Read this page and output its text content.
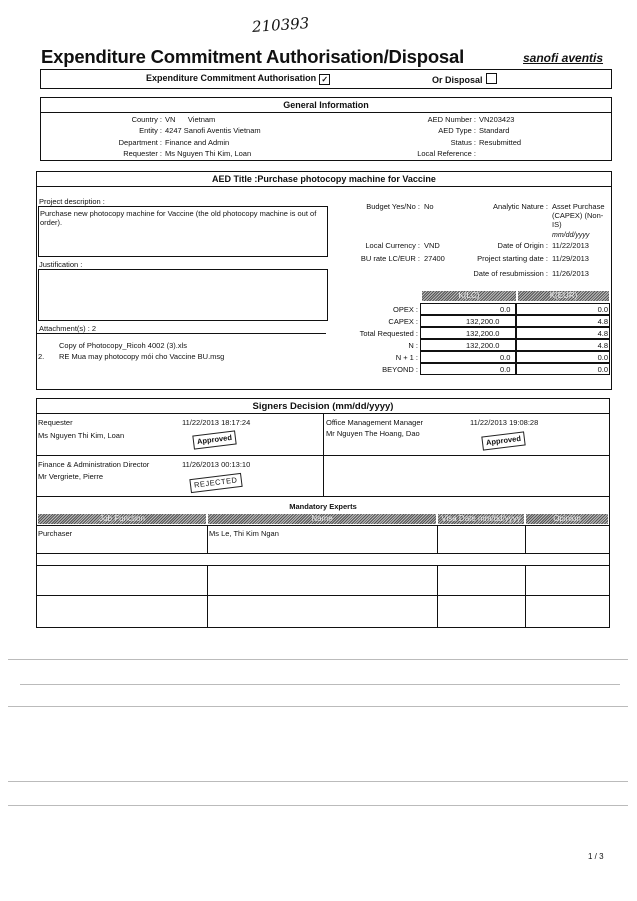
210393
Expenditure Commitment Authorisation/Disposal	sanofi aventis
Expenditure Commitment Authorisation ✓	Or Disposal
General Information
Country : VN      Vietnam
Entity : 4247 Sanofi Aventis Vietnam
Department : Finance and Admin
Requester : Ms Nguyen Thi Kim, Loan
AED Number : VN203423
AED Type : Standard
Status : Resubmitted
Local Reference :
AED Title :Purchase photocopy machine for Vaccine
Project description :
Purchase new photocopy machine for Vaccine (the old photocopy machine is out of order).
Justification :
Attachment(s) : 2
Copy of Photocopy_Ricoh 4002 (3).xls
2. RE Mua may photocopy mói cho Vaccine BU.msg
Budget Yes/No : No
Local Currency : VND
BU rate LC/EUR : 27400
Analytic Nature : Asset Purchase (CAPEX) (Non-IS)
mm/dd/yyyy
Date of Origin : 11/22/2013
Project starting date : 11/29/2013
Date of resubmission : 11/26/2013
K(LC)	K(EUR)
OPEX :	0.0	0.0
CAPEX :	132,200.0	4.8
Total Requested :	132,200.0	4.8
N :	132,200.0	4.8
N + 1 :	0.0	0.0
BEYOND :	0.0	0.0
Signers Decision (mm/dd/yyyy)
Requester
Ms Nguyen Thi Kim, Loan
11/22/2013 18:17:24
Approved
Office Management Manager
Mr Nguyen The Hoang, Dao
11/22/2013 19:08:28
Approved
Finance & Administration Director
Mr Vergriete, Pierre
11/26/2013 00:13:10
REJECTED
Mandatory Experts
Job Function	Name	Visa Date mm/dd/yyyy	Opinion
Purchaser	Ms Le, Thi Kim Ngan
1 / 3
